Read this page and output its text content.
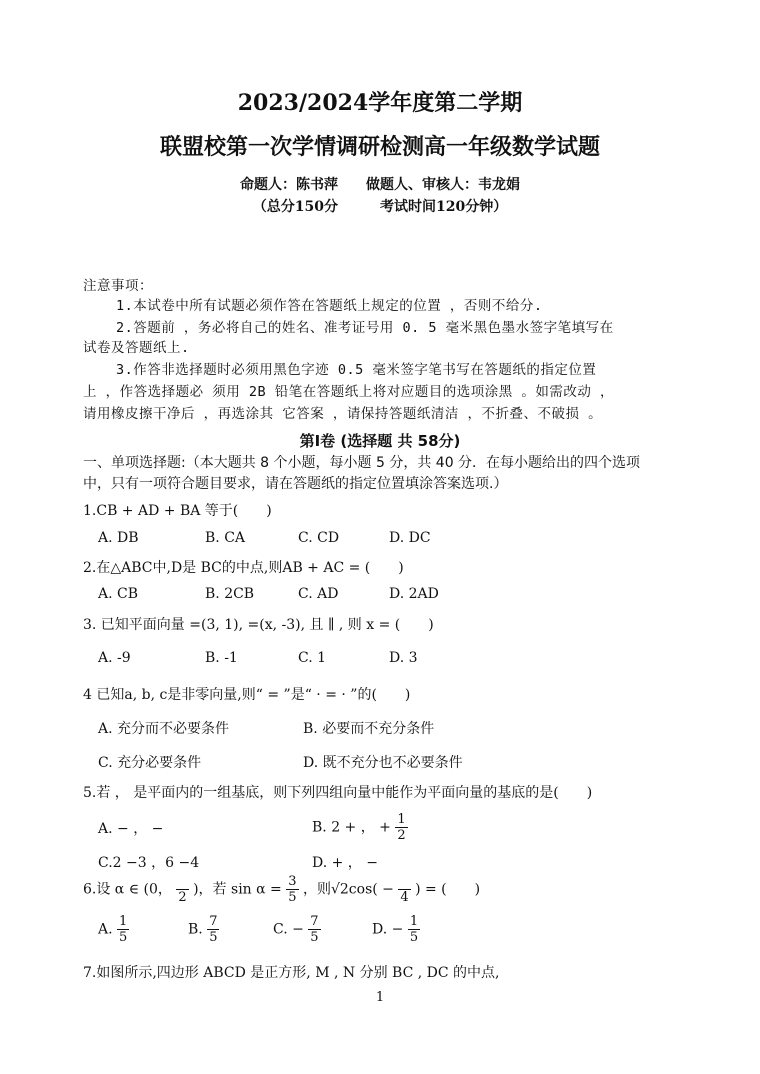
2023/2024学年度第二学期
联盟校第一次学情调研检测高一年级数学试题
命题人：陈书萍　　做题人、审核人：韦龙娟
（总分150分　　　考试时间120分钟）
注意事项：
1.本试卷中所有试题必须作答在答题纸上规定的位置 ，否则不给分.
2.答题前 ，务必将自己的姓名、准考证号用 0. 5 毫米黑色墨水签字笔填写在
试卷及答题纸上.
3.作答非选择题时必须用黑色字迹 0.5 毫米签字笔书写在答题纸的指定位置
上 ，作答选择题必 须用 2B 铅笔在答题纸上将对应题目的选项涂黑 。如需改动 ，
请用橡皮擦干净后 ，再选涂其 它答案 ，请保持答题纸清洁 ，不折叠、不破损 。
第Ⅰ卷 (选择题 共 58分)
一、单项选择题:（本大题共 8 个小题，每小题 5 分，共 40 分．在每小题给出的四个选项
中，只有一项符合题目要求，请在答题纸的指定位置填涂答案选项.）
1.CB + AD + BA 等于(　　)
A. DB	B. CA	C. CD	D. DC
2.在△ABC中,D是 BC的中点,则AB + AC = (　　)
A. CB	B. 2CB	C. AD	D. 2AD
3. 已知平面向量 =(3, 1), =(x, -3), 且 ∥ , 则 x = (　　)
A. -9	B. -1	C. 1	D. 3
4 已知a, b, c是非零向量,则“ = ”是“ · = · ”的(　　)
A. 充分而不必要条件	B. 必要而不充分条件
C. 充分必要条件	D. 既不充分也不必要条件
5.若 ， 是平面内的一组基底，则下列四组向量中能作为平面向量的基底的是(　　)
A. − ， −	B. 2 + ， + $\frac{1}{2}$
C.2 −3 ，6 −4	D. + ， −
6.设 α ∈ (0， 2 )，若 $\sin \alpha = \frac{3}{5}$ ，则√2cos( − 4 ) = (　　)
A. $\frac{1}{5}$	B. $\frac{7}{5}$	C. − $\frac{7}{5}$	D. − $\frac{1}{5}$
7.如图所示,四边形 ABCD 是正方形, M , N 分别 BC , DC 的中点,
1
